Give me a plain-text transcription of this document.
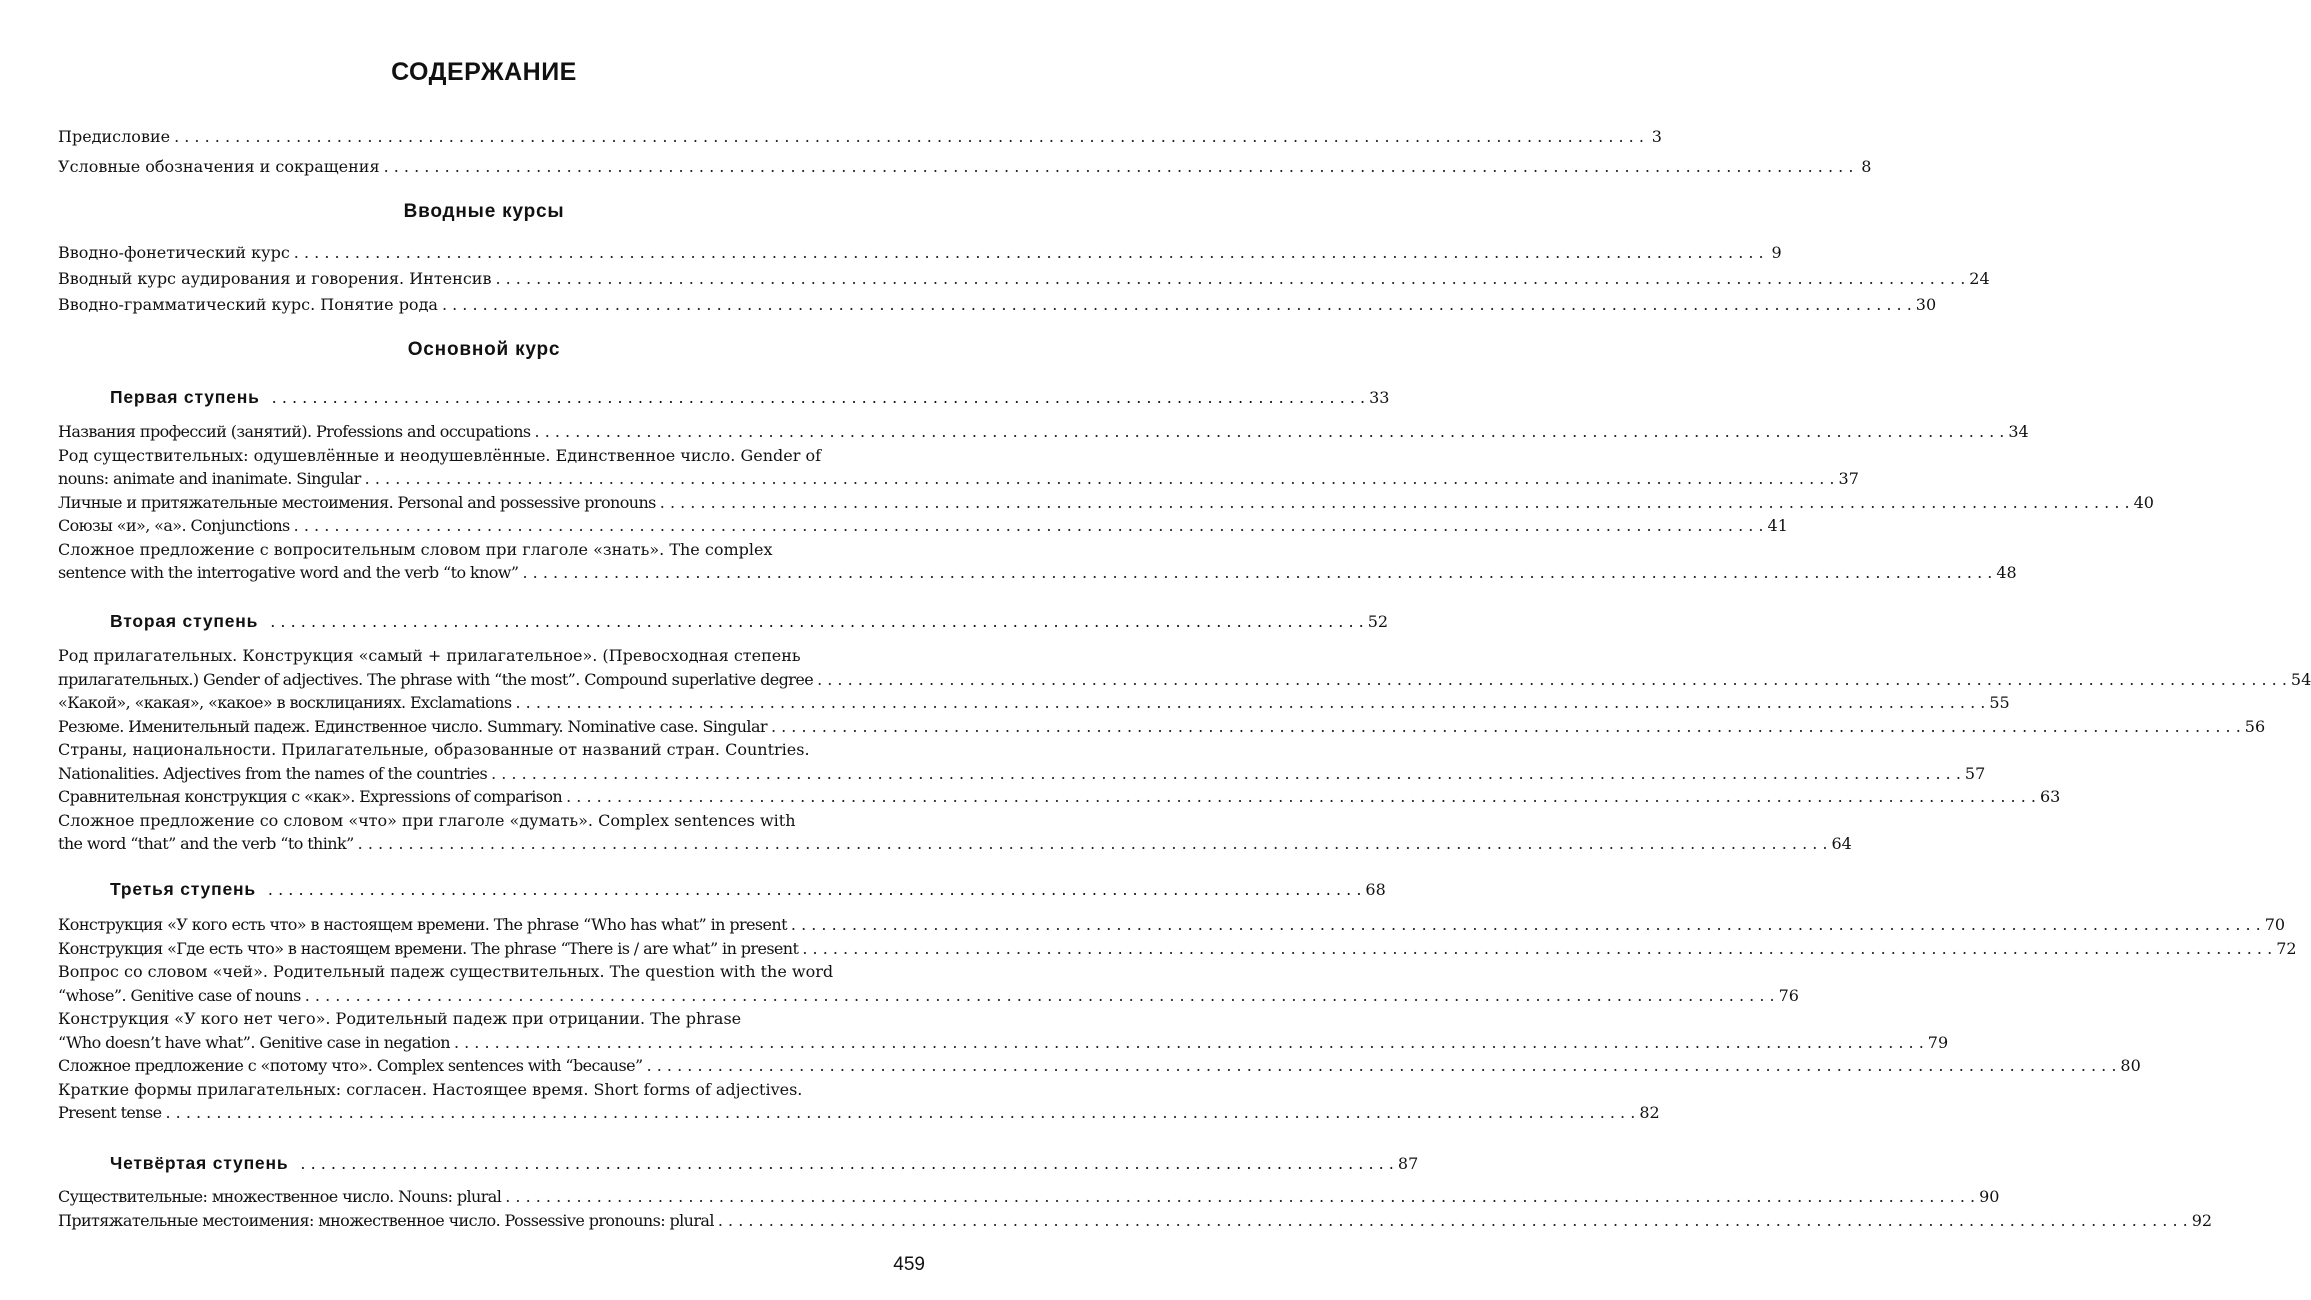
СОДЕРЖАНИЕ
Предисловие . . .	3
Условные обозначения и сокращения . . .	8
Вводные курсы
Вводно-фонетический курс . . .	9
Вводный курс аудирования и говорения. Интенсив . . .	24
Вводно-грамматический курс. Понятие рода . . .	30
Основной курс
Первая ступень . . .	33
Названия профессий (занятий). Professions and occupations . . .	34
Род существительных: одушевлённые и неодушевлённые. Единственное число. Gender of
nouns: animate and inanimate. Singular . . .	37
Личные и притяжательные местоимения. Personal and possessive pronouns . . .	40
Союзы «и», «а». Conjunctions . . .	41
Сложное предложение с вопросительным словом при глаголе «знать». The complex
sentence with the interrogative word and the verb “to know” . . .	48
Вторая ступень . . .	52
Род прилагательных. Конструкция «самый + прилагательное». (Превосходная степень
прилагательных.) Gender of adjectives. The phrase with “the most”. Compound superlative degree . . .	54
«Какой», «какая», «какое» в восклицаниях. Exclamations . . .	55
Резюме. Именительный падеж. Единственное число. Summary. Nominative case. Singular . . .	56
Страны, национальности. Прилагательные, образованные от названий стран. Countries.
Nationalities. Adjectives from the names of the countries . . .	57
Сравнительная конструкция с «как». Expressions of comparison . . .	63
Сложное предложение со словом «что» при глаголе «думать». Complex sentences with
the word “that” and the verb “to think” . . .	64
Третья ступень . . .	68
Конструкция «У кого есть что» в настоящем времени. The phrase “Who has what” in present . . .	70
Конструкция «Где есть что» в настоящем времени. The phrase “There is / are what” in present . . .	72
Вопрос со словом «чей». Родительный падеж существительных. The question with the word
“whose”. Genitive case of nouns . . .	76
Конструкция «У кого нет чего». Родительный падеж при отрицании. The phrase
“Who doesn’t have what”. Genitive case in negation . . .	79
Сложное предложение с «потому что». Complex sentences with “because” . . .	80
Краткие формы прилагательных: согласен. Настоящее время. Short forms of adjectives.
Present tense . . .	82
Четвёртая ступень . . .	87
Существительные: множественное число. Nouns: plural . . .	90
Притяжательные местоимения: множественное число. Possessive pronouns: plural . . .	92
459
